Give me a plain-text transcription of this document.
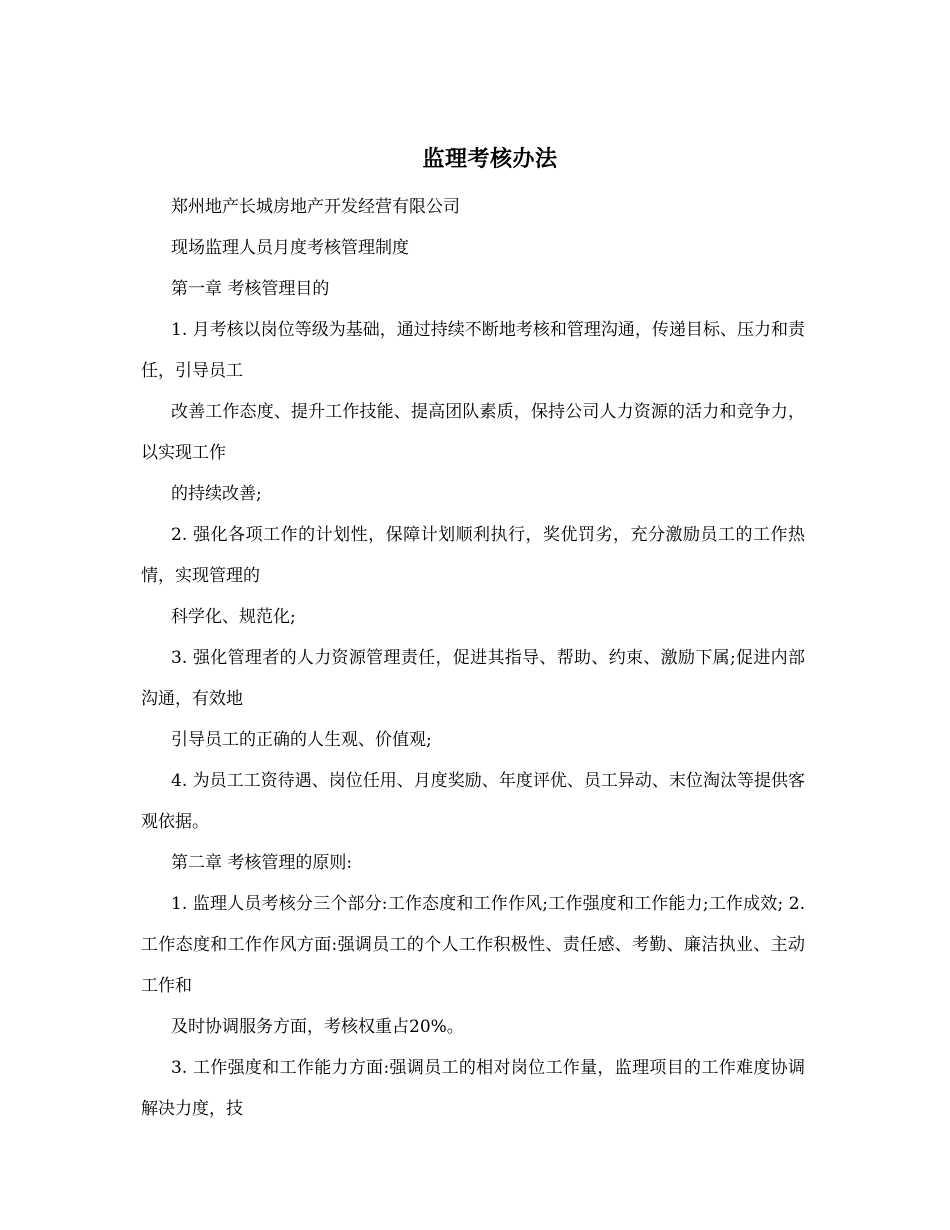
监理考核办法

郑州地产长城房地产开发经营有限公司

现场监理人员月度考核管理制度

第一章 考核管理目的

1. 月考核以岗位等级为基础，通过持续不断地考核和管理沟通，传递目标、压力和责任，引导员工

改善工作态度、提升工作技能、提高团队素质，保持公司人力资源的活力和竞争力，以实现工作

的持续改善;

2. 强化各项工作的计划性，保障计划顺利执行，奖优罚劣，充分激励员工的工作热情，实现管理的

科学化、规范化;

3. 强化管理者的人力资源管理责任，促进其指导、帮助、约束、激励下属;促进内部沟通，有效地

引导员工的正确的人生观、价值观;

4. 为员工工资待遇、岗位任用、月度奖励、年度评优、员工异动、末位淘汰等提供客观依据。

第二章 考核管理的原则:

1. 监理人员考核分三个部分:工作态度和工作作风;工作强度和工作能力;工作成效; 2. 工作态度和工作作风方面:强调员工的个人工作积极性、责任感、考勤、廉洁执业、主动工作和

及时协调服务方面，考核权重占20%。

3. 工作强度和工作能力方面:强调员工的相对岗位工作量，监理项目的工作难度协调解决力度，技
